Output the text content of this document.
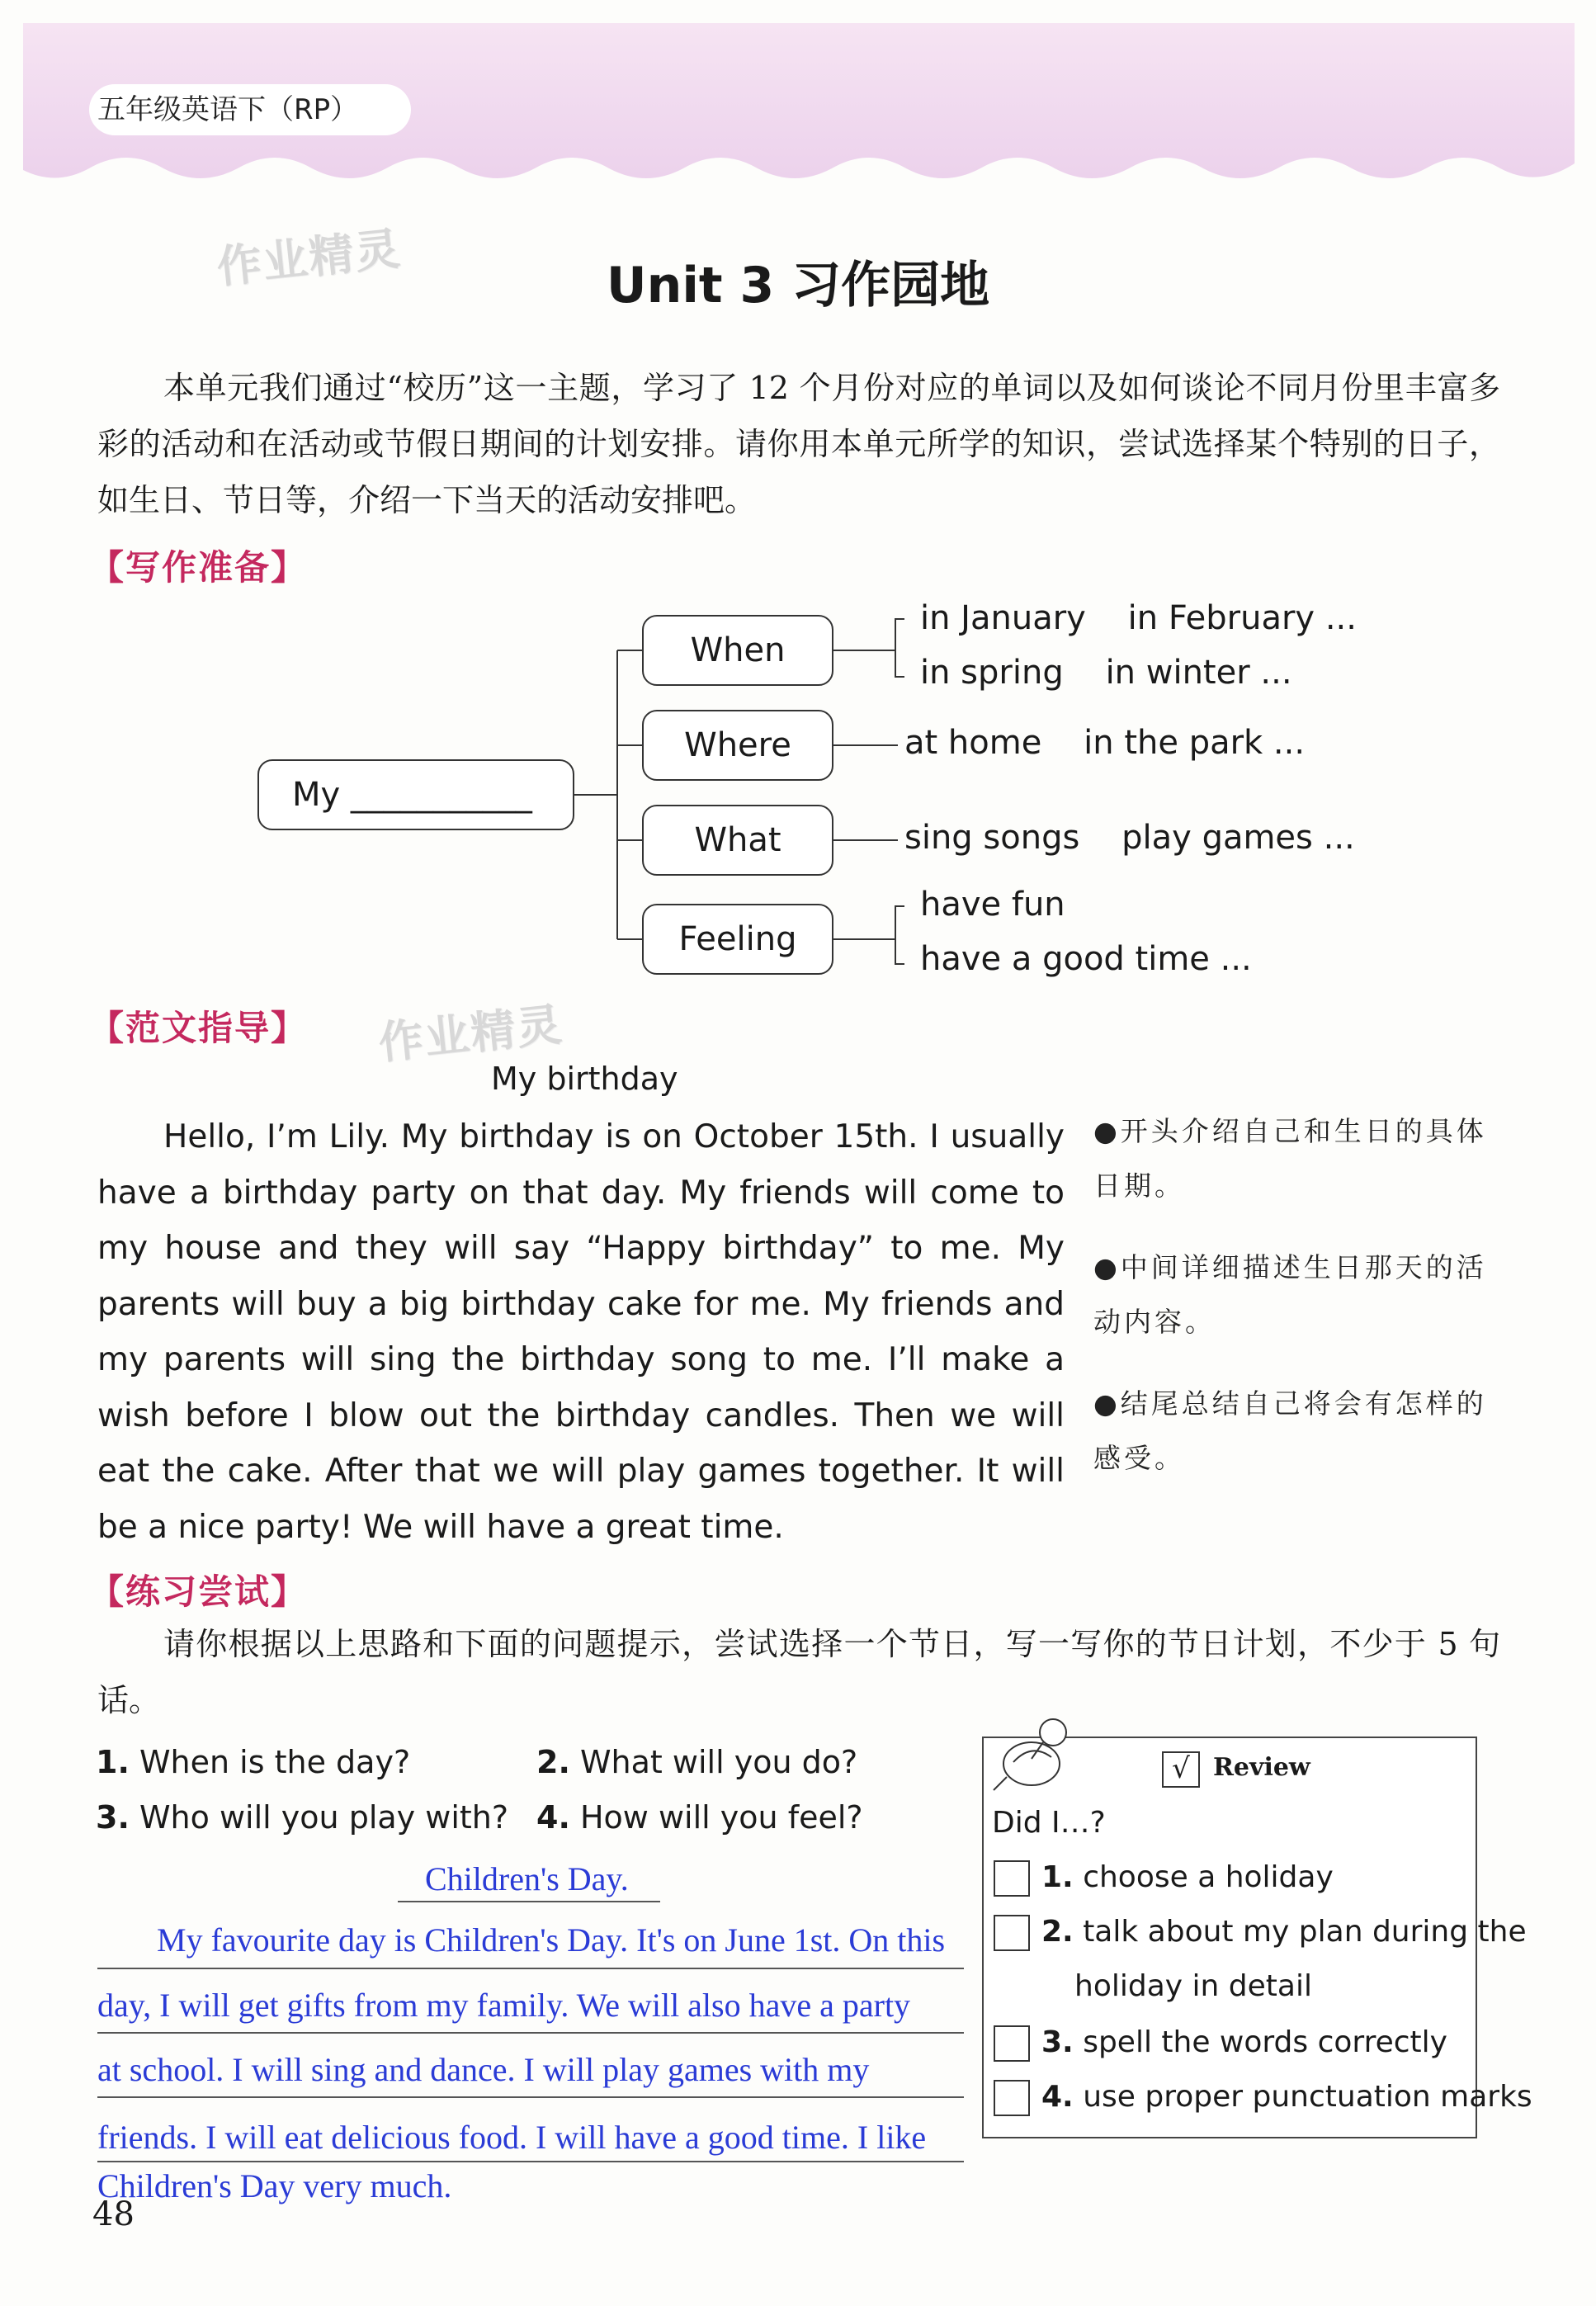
五年级英语下（RP）
作业精灵
作业精灵
Unit 3 习作园地
本单元我们通过“校历”这一主题，学习了 12 个月份对应的单词以及如何谈论不同月份里丰富多彩的活动和在活动或节假日期间的计划安排。请你用本单元所学的知识，尝试选择某个特别的日子，如生日、节日等，介绍一下当天的活动安排吧。
【写作准备】
My ___________
When
Where
What
Feeling
in January    in February ...
in spring    in winter ...
at home    in the park ...
sing songs    play games ...
have fun
have a good time ...
【范文指导】
My birthday

Hello, I’m Lily. My birthday is on October 15th. I usually have a birthday party on that day. My friends will come to my house and they will say “Happy birthday” to me. My parents will buy a big birthday cake for me. My friends and my parents will sing the birthday song to me. I’ll make a wish before I blow out the birthday candles. Then we will eat the cake. After that we will play games together. It will be a nice party! We will have a great time.

●开头介绍自己和生日的具体日期。
●中间详细描述生日那天的活动内容。
●结尾总结自己将会有怎样的感受。
【练习尝试】
请你根据以上思路和下面的问题提示，尝试选择一个节日，写一写你的节日计划，不少于 5 句话。
1. When is the day?	2. What will you do?
3. Who will you play with? 4. How will you feel?
Children's Day.
My favourite day is Children's Day. It's on June 1st. On this
day, I will get gifts from my family. We will also have a party
at school. I will sing and dance. I will play games with my
friends. I will eat delicious food. I will have a good time. I like
Children's Day very much.
√ Review
Did I…?
1. choose a holiday
2. talk about my plan during the
holiday in detail
3. spell the words correctly
4. use proper punctuation marks
48
